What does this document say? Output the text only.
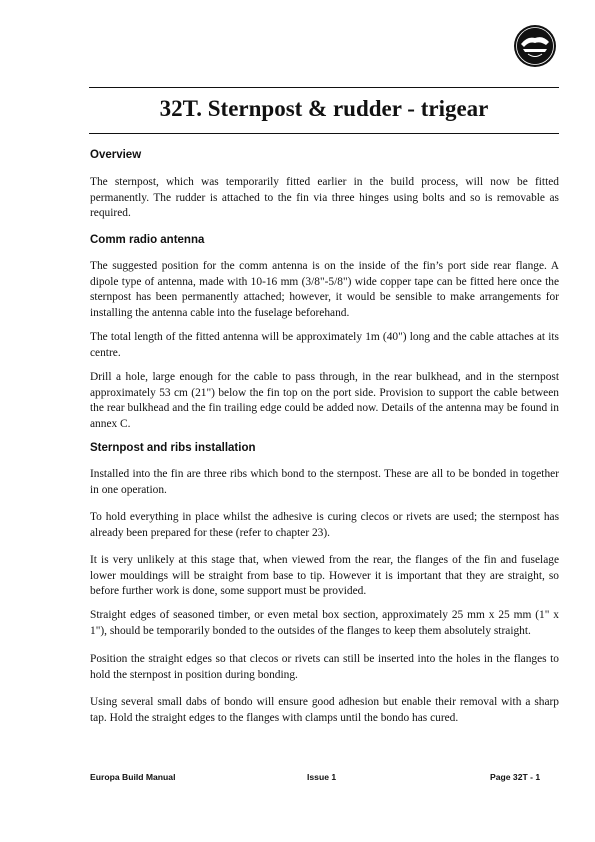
32T. Sternpost & rudder - trigear
Overview

The sternpost, which was temporarily fitted earlier in the build process, will now be fitted permanently. The rudder is attached to the fin via three hinges using bolts and so is removable as required.

Comm radio antenna

The suggested position for the comm antenna is on the inside of the fin’s port side rear flange. A dipole type of antenna, made with 10-16 mm (3/8"-5/8") wide copper tape can be fitted here once the sternpost has been permanently attached; however, it would be sensible to make arrangements for installing the antenna cable into the fuselage beforehand.

The total length of the fitted antenna will be approximately 1m (40") long and the cable attaches at its centre.

Drill a hole, large enough for the cable to pass through, in the rear bulkhead, and in the sternpost approximately 53 cm (21") below the fin top on the port side. Provision to support the cable between the rear bulkhead and the fin trailing edge could be added now. Details of the antenna may be found in annex C.

Sternpost and ribs installation

Installed into the fin are three ribs which bond to the sternpost. These are all to be bonded in together in one operation.

To hold everything in place whilst the adhesive is curing clecos or rivets are used; the sternpost has already been prepared for these (refer to chapter 23).

It is very unlikely at this stage that, when viewed from the rear, the flanges of the fin and fuselage lower mouldings will be straight from base to tip. However it is important that they are straight, so before further work is done, some support must be provided.

Straight edges of seasoned timber, or even metal box section, approximately 25 mm x 25 mm (1" x 1"), should be temporarily bonded to the outsides of the flanges to keep them absolutely straight.

Position the straight edges so that clecos or rivets can still be inserted into the holes in the flanges to hold the sternpost in position during bonding.

Using several small dabs of bondo will ensure good adhesion but enable their removal with a sharp tap. Hold the straight edges to the flanges with clamps until the bondo has cured.

Europa Build Manual	Issue 1	Page 32T - 1
